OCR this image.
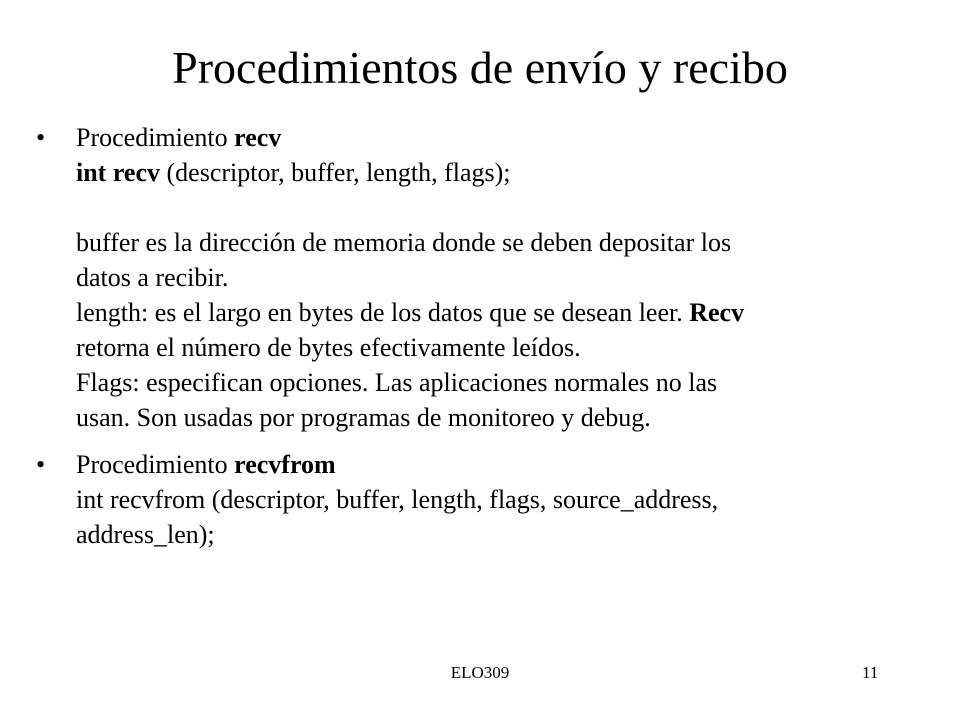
Procedimientos de envío y recibo
• Procedimiento recv
int recv (descriptor, buffer, length, flags);
buffer es la dirección de memoria donde se deben depositar los
datos a recibir.
length: es el largo en bytes de los datos que se desean leer. Recv
retorna el número de bytes efectivamente leídos.
Flags: especifican opciones. Las aplicaciones normales no las
usan. Son usadas por programas de monitoreo y debug.
• Procedimiento recvfrom
int recvfrom (descriptor, buffer, length, flags, source_address,
address_len);
ELO309	11
